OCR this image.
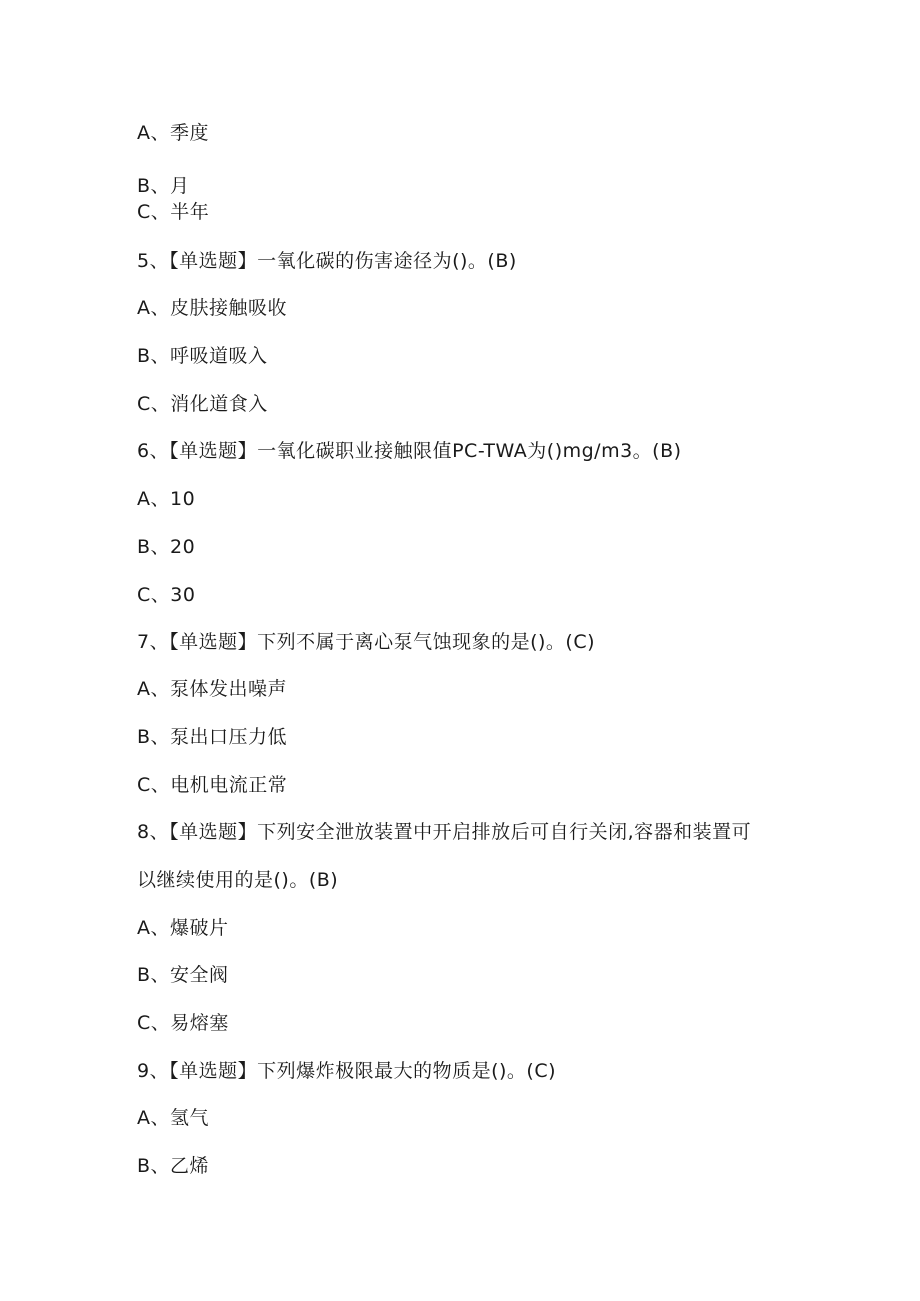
A、季度
B、月
C、半年
5、【单选题】一氧化碳的伤害途径为()。(B)
A、皮肤接触吸收
B、呼吸道吸入
C、消化道食入
6、【单选题】一氧化碳职业接触限值PC-TWA为()mg/m3。(B)
A、10
B、20
C、30
7、【单选题】下列不属于离心泵气蚀现象的是()。(C)
A、泵体发出噪声
B、泵出口压力低
C、电机电流正常
8、【单选题】下列安全泄放装置中开启排放后可自行关闭,容器和装置可
以继续使用的是()。(B)
A、爆破片
B、安全阀
C、易熔塞
9、【单选题】下列爆炸极限最大的物质是()。(C)
A、氢气
B、乙烯
